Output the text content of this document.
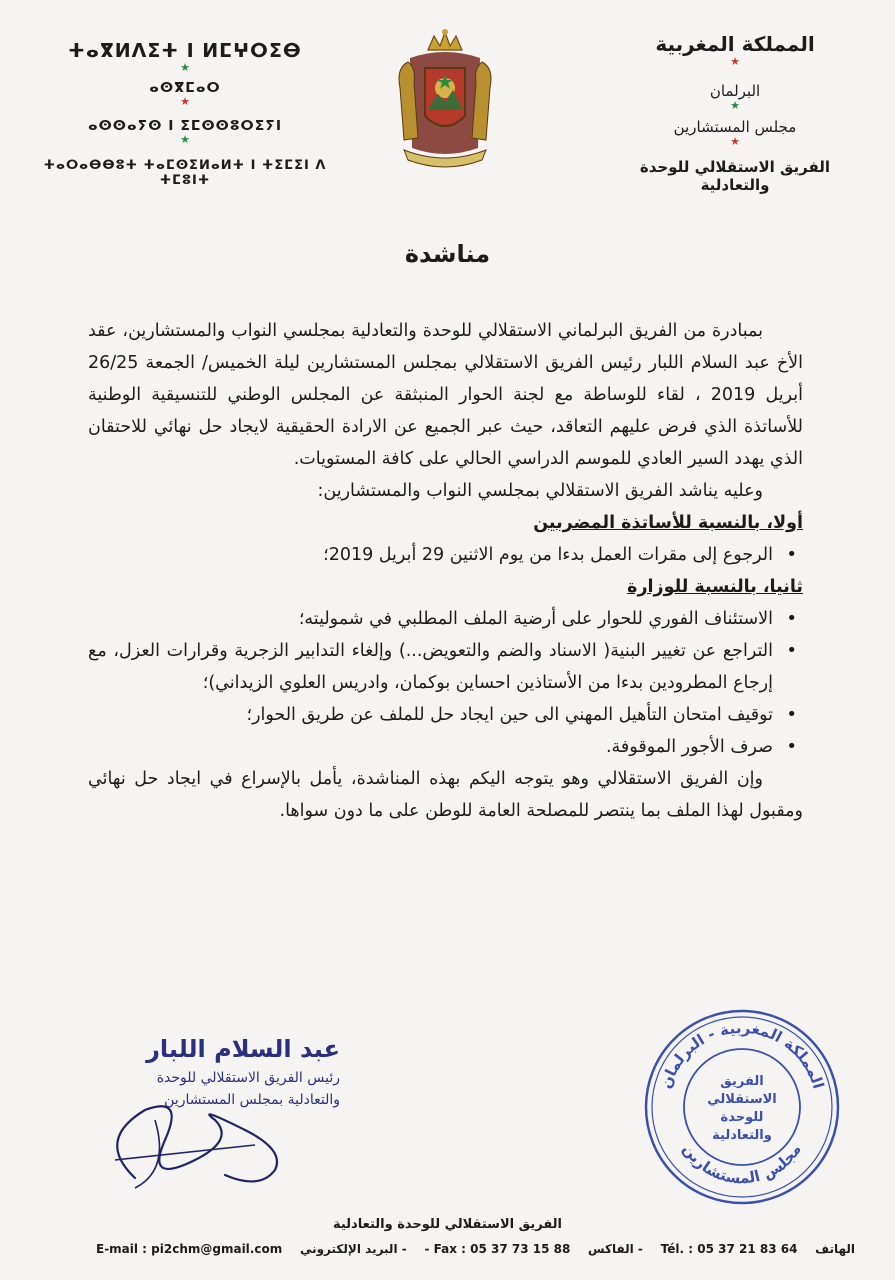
المملكة المغربية
★
البرلمان
★
مجلس المستشارين
★
الفريق الاستقلالي للوحدة والتعادلية
ⵜⴰⴳⵍⴷⵉⵜ ⵏ ⵍⵎⵖⵔⵉⴱ
★
ⴰⵙⴳⵎⴰⵔ
★
ⴰⵙⵙⴰⵢⵙ ⵏ ⵉⵎⵙⵙⵓⵔⵉⵢⵏ
★
ⵜⴰⵔⴰⴱⴱⵓⵜ ⵜⴰⵎⵙⵉⵍⴰⵍⵜ ⵏ ⵜⵉⵎⵉⵏ ⴷ ⵜⵎⵓⵏⵜ
مناشدة

بمبادرة من الفريق البرلماني الاستقلالي للوحدة والتعادلية بمجلسي النواب والمستشارين، عقد الأخ عبد السلام اللبار رئيس الفريق الاستقلالي بمجلس المستشارين ليلة الخميس/ الجمعة 26/25 أبريل 2019 ، لقاء للوساطة مع لجنة الحوار المنبثقة عن المجلس الوطني للتنسيقية الوطنية للأساتذة الذي فرض عليهم التعاقد، حيث عبر الجميع عن الارادة الحقيقية لايجاد حل نهائي للاحتقان الذي يهدد السير العادي للموسم الدراسي الحالي على كافة المستويات.

وعليه يناشد الفريق الاستقلالي بمجلسي النواب والمستشارين:

أولا، بالنسبة للأساتذة المضربين

• الرجوع إلى مقرات العمل بدءا من يوم الاثنين 29 أبريل 2019؛

ثانيا، بالنسبة للوزارة

• الاستئناف الفوري للحوار على أرضية الملف المطلبي في شموليته؛
• التراجع عن تغيير البنية( الاسناد والضم والتعويض...) وإلغاء التدابير الزجرية وقرارات العزل، مع إرجاع المطرودين بدءا من الأستاذين احساين بوكمان، وادريس العلوي الزيداني)؛
• توقيف امتحان التأهيل المهني الى حين ايجاد حل للملف عن طريق الحوار؛
• صرف الأجور الموقوفة.

وإن الفريق الاستقلالي وهو يتوجه اليكم بهذه المناشدة، يأمل بالإسراع في ايجاد حل نهائي ومقبول لهذا الملف بما ينتصر للمصلحة العامة للوطن على ما دون سواها.

عبد السلام اللبار
رئيس الفريق الاستقلالي للوحدة
والتعادلية بمجلس المستشارين
المملكة المغربية - البرلمان
مجلس المستشارين
الفريق
الاستقلالي
للوحدة
والتعادلية
الفريق الاستقلالي للوحدة والتعادلية
E-mail : pi2chm@gmail.com - البريد الإلكتروني - Fax : 05 37 73 15 88 - الفاكس Tél. : 05 37 21 83 64 الهاتف
